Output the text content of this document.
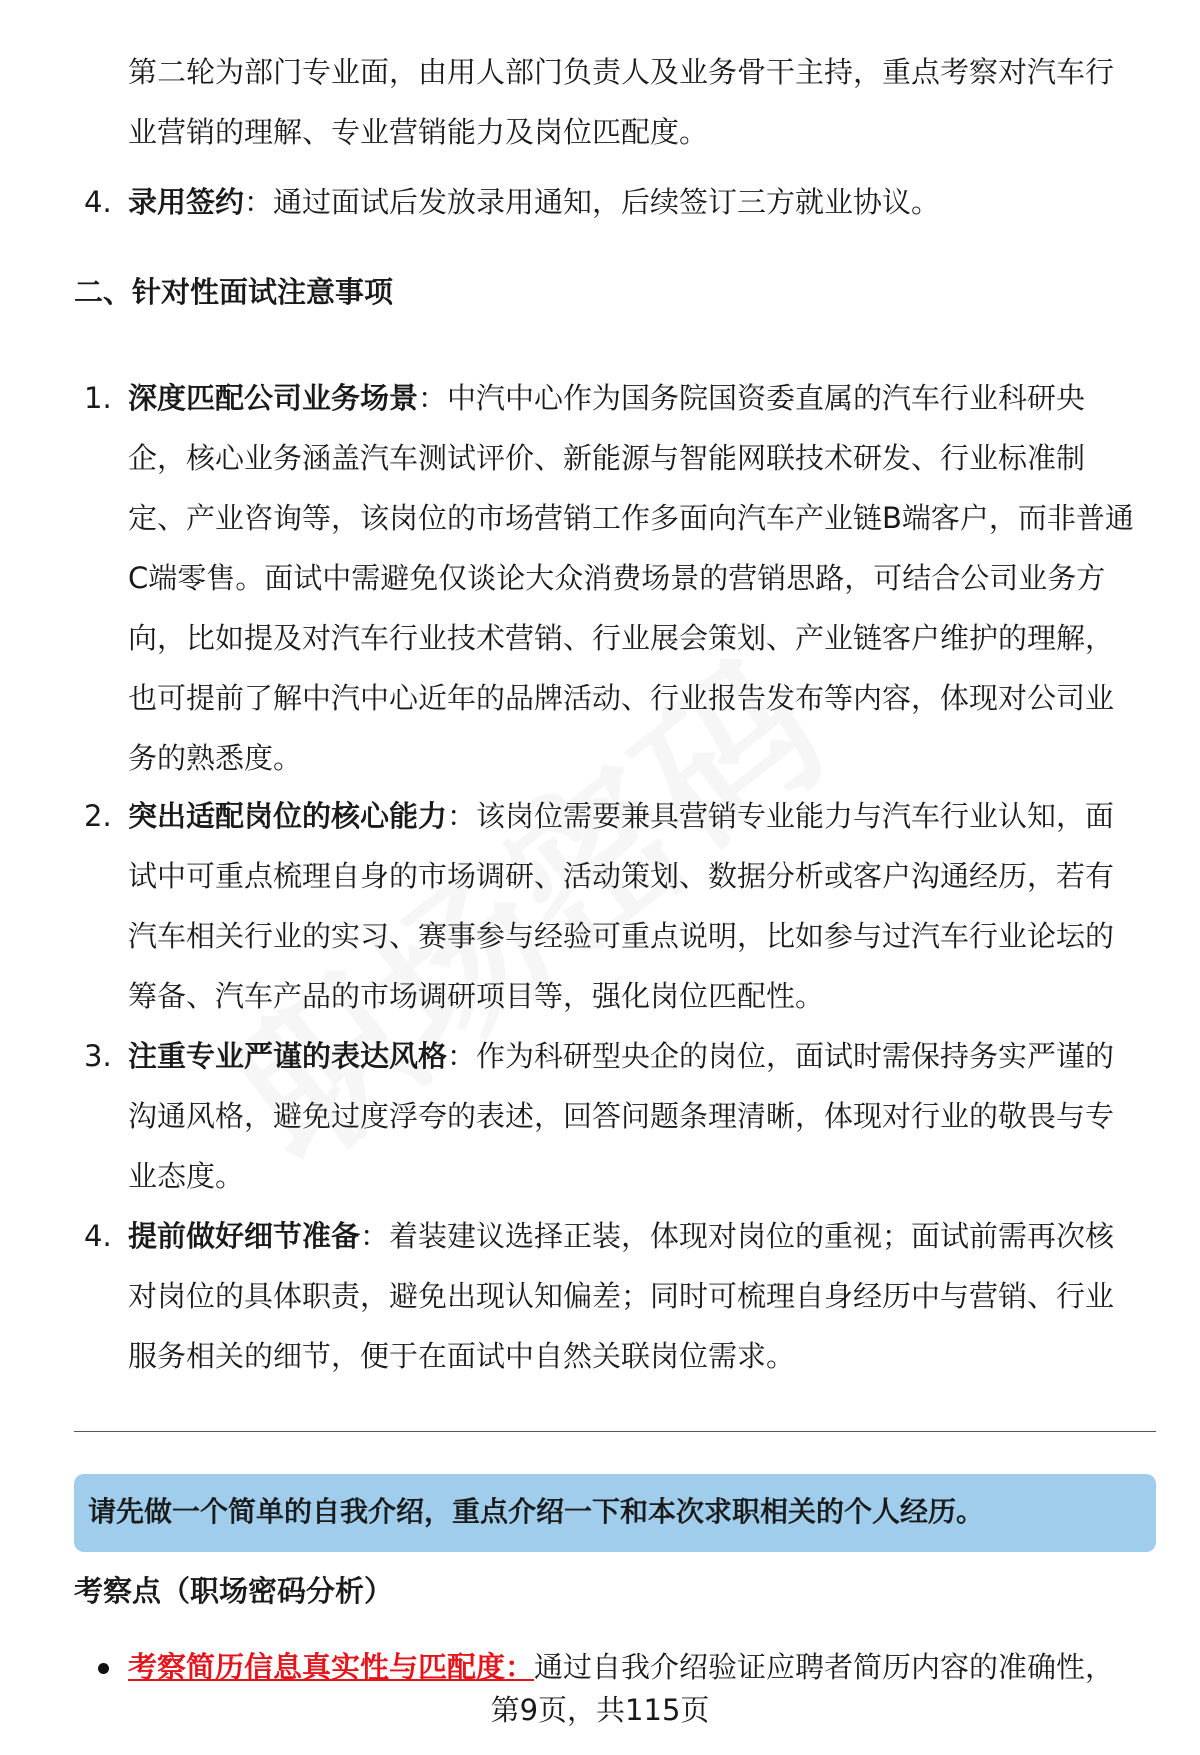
第二轮为部门专业面，由用人部门负责人及业务骨干主持，重点考察对汽车行业营销的理解、专业营销能力及岗位匹配度。
4. 录用签约：通过面试后发放录用通知，后续签订三方就业协议。
二、针对性面试注意事项
1. 深度匹配公司业务场景：中汽中心作为国务院国资委直属的汽车行业科研央企，核心业务涵盖汽车测试评价、新能源与智能网联技术研发、行业标准制定、产业咨询等，该岗位的市场营销工作多面向汽车产业链B端客户，而非普通C端零售。面试中需避免仅谈论大众消费场景的营销思路，可结合公司业务方向，比如提及对汽车行业技术营销、行业展会策划、产业链客户维护的理解，也可提前了解中汽中心近年的品牌活动、行业报告发布等内容，体现对公司业务的熟悉度。
2. 突出适配岗位的核心能力：该岗位需要兼具营销专业能力与汽车行业认知，面试中可重点梳理自身的市场调研、活动策划、数据分析或客户沟通经历，若有汽车相关行业的实习、赛事参与经验可重点说明，比如参与过汽车行业论坛的筹备、汽车产品的市场调研项目等，强化岗位匹配性。
3. 注重专业严谨的表达风格：作为科研型央企的岗位，面试时需保持务实严谨的沟通风格，避免过度浮夸的表述，回答问题条理清晰，体现对行业的敬畏与专业态度。
4. 提前做好细节准备：着装建议选择正装，体现对岗位的重视；面试前需再次核对岗位的具体职责，避免出现认知偏差；同时可梳理自身经历中与营销、行业服务相关的细节，便于在面试中自然关联岗位需求。
请先做一个简单的自我介绍，重点介绍一下和本次求职相关的个人经历。
考察点（职场密码分析）
考察简历信息真实性与匹配度：通过自我介绍验证应聘者简历内容的准确性，
第9页，共115页
